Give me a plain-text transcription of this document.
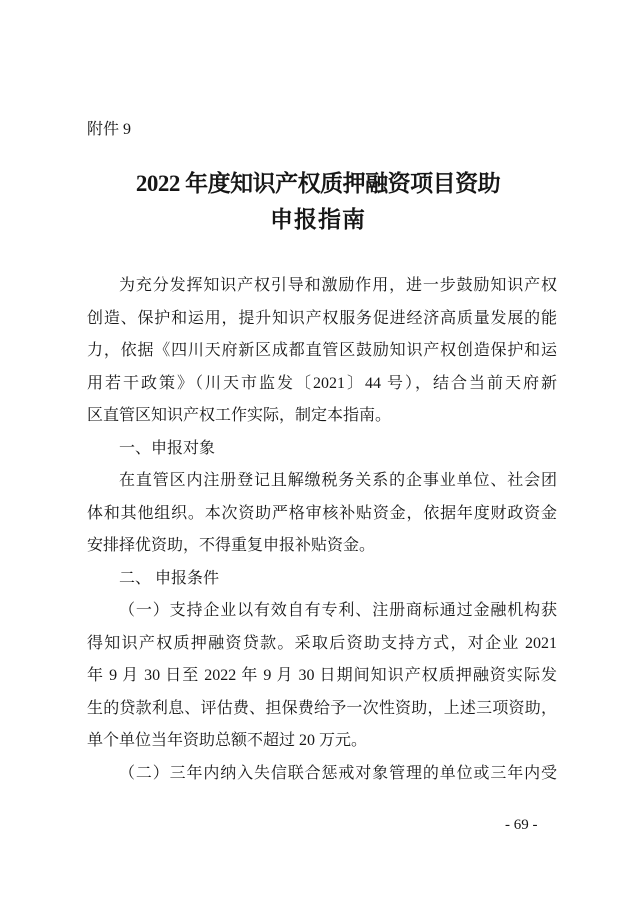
附件 9
2022 年度知识产权质押融资项目资助
申报指南
为充分发挥知识产权引导和激励作用，进一步鼓励知识产权
创造、保护和运用，提升知识产权服务促进经济高质量发展的能
力，依据《四川天府新区成都直管区鼓励知识产权创造保护和运
用若干政策》（川天市监发〔2021〕44 号），结合当前天府新
区直管区知识产权工作实际，制定本指南。
一、申报对象
在直管区内注册登记且解缴税务关系的企事业单位、社会团
体和其他组织。本次资助严格审核补贴资金，依据年度财政资金
安排择优资助，不得重复申报补贴资金。
二、 申报条件
（一）支持企业以有效自有专利、注册商标通过金融机构获
得知识产权质押融资贷款。采取后资助支持方式，对企业 2021
年 9 月 30 日至 2022 年 9 月 30 日期间知识产权质押融资实际发
生的贷款利息、评估费、担保费给予一次性资助，上述三项资助，
单个单位当年资助总额不超过 20 万元。
（二）三年内纳入失信联合惩戒对象管理的单位或三年内受
- 69 -
